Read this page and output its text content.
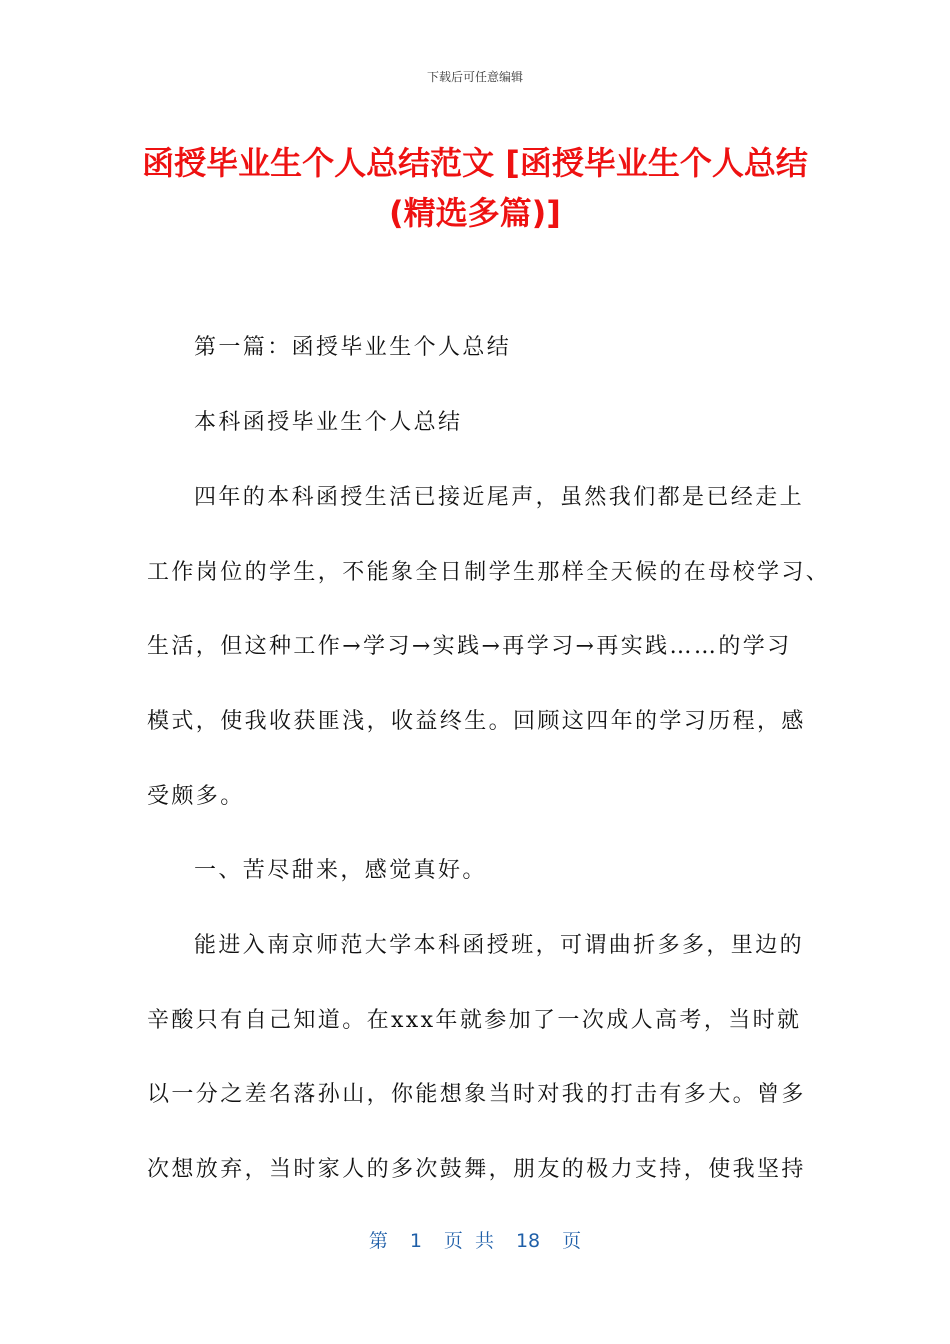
下载后可任意编辑
函授毕业生个人总结范文 [函授毕业生个人总结(精选多篇)]
第一篇：函授毕业生个人总结
本科函授毕业生个人总结
四年的本科函授生活已接近尾声，虽然我们都是已经走上
工作岗位的学生，不能象全日制学生那样全天候的在母校学习、
生活，但这种工作→学习→实践→再学习→再实践……的学习
模式，使我收获匪浅，收益终生。回顾这四年的学习历程，感
受颇多。
一、苦尽甜来，感觉真好。
能进入南京师范大学本科函授班，可谓曲折多多，里边的
辛酸只有自己知道。在xxx年就参加了一次成人高考，当时就
以一分之差名落孙山，你能想象当时对我的打击有多大。曾多
次想放弃，当时家人的多次鼓舞，朋友的极力支持，使我坚持
第 1 页 共 18 页
